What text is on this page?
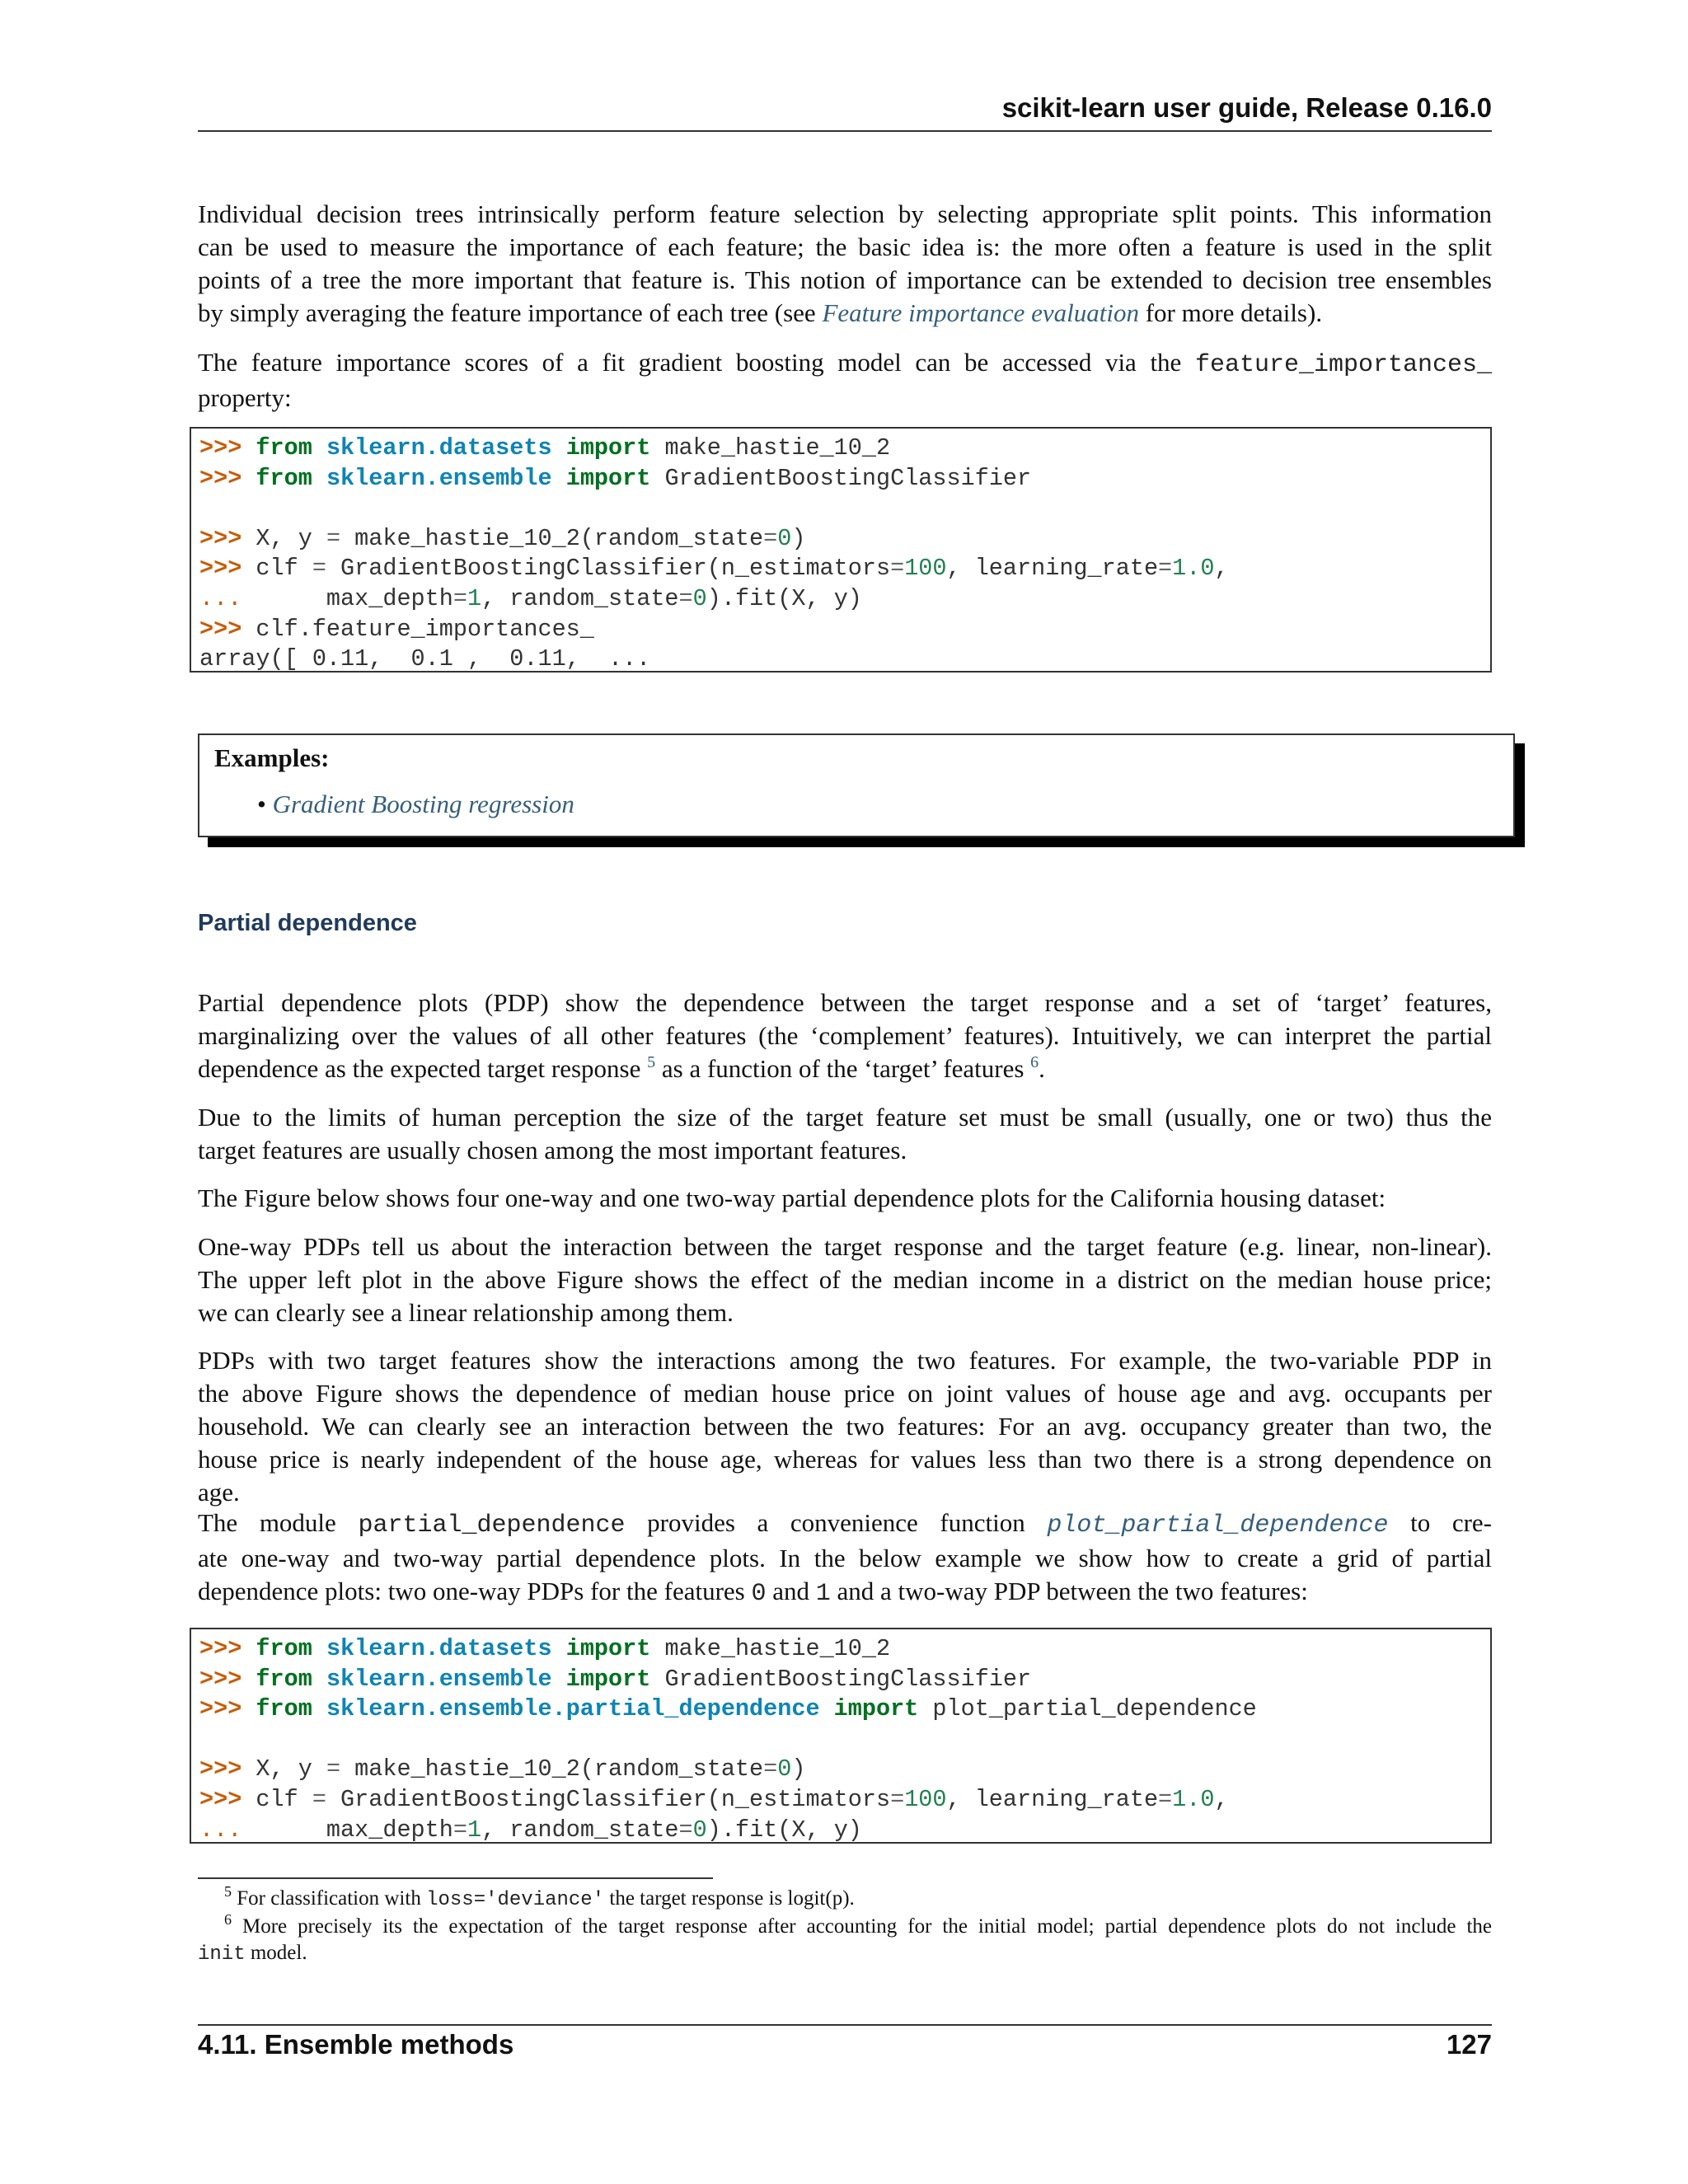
scikit-learn user guide, Release 0.16.0
Individual decision trees intrinsically perform feature selection by selecting appropriate split points. This information
can be used to measure the importance of each feature; the basic idea is: the more often a feature is used in the split
points of a tree the more important that feature is. This notion of importance can be extended to decision tree ensembles
by simply averaging the feature importance of each tree (see Feature importance evaluation for more details).
The feature importance scores of a fit gradient boosting model can be accessed via the feature_importances_
property:
>>> from sklearn.datasets import make_hastie_10_2
>>> from sklearn.ensemble import GradientBoostingClassifier
>>> X, y = make_hastie_10_2(random_state=0)
>>> clf = GradientBoostingClassifier(n_estimators=100, learning_rate=1.0,
...      max_depth=1, random_state=0).fit(X, y)
>>> clf.feature_importances_
array([ 0.11,  0.1 ,  0.11,  ...
Examples:
• Gradient Boosting regression
Partial dependence
Partial dependence plots (PDP) show the dependence between the target response and a set of ‘target’ features,
marginalizing over the values of all other features (the ‘complement’ features). Intuitively, we can interpret the partial
dependence as the expected target response $^5$ as a function of the ‘target’ features $^6$.
Due to the limits of human perception the size of the target feature set must be small (usually, one or two) thus the
target features are usually chosen among the most important features.
The Figure below shows four one-way and one two-way partial dependence plots for the California housing dataset:
One-way PDPs tell us about the interaction between the target response and the target feature (e.g. linear, non-linear).
The upper left plot in the above Figure shows the effect of the median income in a district on the median house price;
we can clearly see a linear relationship among them.
PDPs with two target features show the interactions among the two features. For example, the two-variable PDP in
the above Figure shows the dependence of median house price on joint values of house age and avg. occupants per
household. We can clearly see an interaction between the two features: For an avg. occupancy greater than two, the
house price is nearly independent of the house age, whereas for values less than two there is a strong dependence on
age.
The module partial_dependence provides a convenience function plot_partial_dependence to cre-
ate one-way and two-way partial dependence plots. In the below example we show how to create a grid of partial
dependence plots: two one-way PDPs for the features 0 and 1 and a two-way PDP between the two features:
>>> from sklearn.datasets import make_hastie_10_2
>>> from sklearn.ensemble import GradientBoostingClassifier
>>> from sklearn.ensemble.partial_dependence import plot_partial_dependence
>>> X, y = make_hastie_10_2(random_state=0)
>>> clf = GradientBoostingClassifier(n_estimators=100, learning_rate=1.0,
...      max_depth=1, random_state=0).fit(X, y)
$^5$ For classification with loss='deviance' the target response is logit(p).
$^6$ More precisely its the expectation of the target response after accounting for the initial model; partial dependence plots do not include the
init model.
4.11. Ensemble methods	127
